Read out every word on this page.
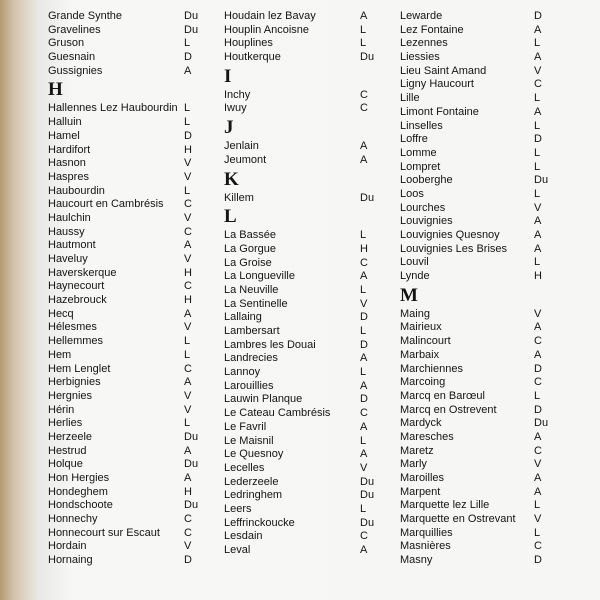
Grande Synthe	Du
Gravelines	Du
Gruson	L
Guesnain	D
Gussignies	A
H
Hallennes Lez Haubourdin L
Halluin	L
Hamel	D
Hardifort	H
Hasnon	V
Haspres	V
Haubourdin	L
Haucourt en Cambrésis C
Haulchin	V
Haussy	C
Hautmont	A
Haveluy	V
Haverskerque	H
Haynecourt	C
Hazebrouck	H
Hecq	A
Hélesmes	V
Hellemmes	L
Hem	L
Hem Lenglet	C
Herbignies	A
Hergnies	V
Hérin	V
Herlies	L
Herzeele	Du
Hestrud	A
Holque	Du
Hon Hergies	A
Hondeghem	H
Hondschoote	Du
Honnechy	C
Honnecourt sur Escaut C
Hordain	V
Hornaing	D
Houdain lez Bavay	A
Houplin Ancoisne	L
Houplines	L
Houtkerque	Du
I
Inchy	C
Iwuy	C
J
Jenlain	A
Jeumont	A
K
Killem	Du
L
La Bassée	L
La Gorgue	H
La Groise	C
La Longueville	A
La Neuville	L
La Sentinelle	V
Lallaing	D
Lambersart	L
Lambres les Douai	D
Landrecies	A
Lannoy	L
Larouillies	A
Lauwin Planque	D
Le Cateau Cambrésis	C
Le Favril	A
Le Maisnil	L
Le Quesnoy	A
Lecelles	V
Lederzeele	Du
Ledringhem	Du
Leers	L
Leffrinckoucke	Du
Lesdain	C
Leval	A
Lewarde	D
Lez Fontaine	A
Lezennes	L
Liessies	A
Lieu Saint Amand	V
Ligny Haucourt	C
Lille	L
Limont Fontaine	A
Linselles	L
Loffre	D
Lomme	L
Lompret	L
Looberghe	Du
Loos	L
Lourches	V
Louvignies	A
Louvignies Quesnoy	A
Louvignies Les Brises A
Louvil	L
Lynde	H
M
Maing	V
Mairieux	A
Malincourt	C
Marbaix	A
Marchiennes	D
Marcoing	C
Marcq en Barœul	L
Marcq en Ostrevent	D
Mardyck	Du
Maresches	A
Maretz	C
Marly	V
Maroilles	A
Marpent	A
Marquette lez Lille	L
Marquette en Ostrevant V
Marquillies	L
Masnières	C
Masny	D
